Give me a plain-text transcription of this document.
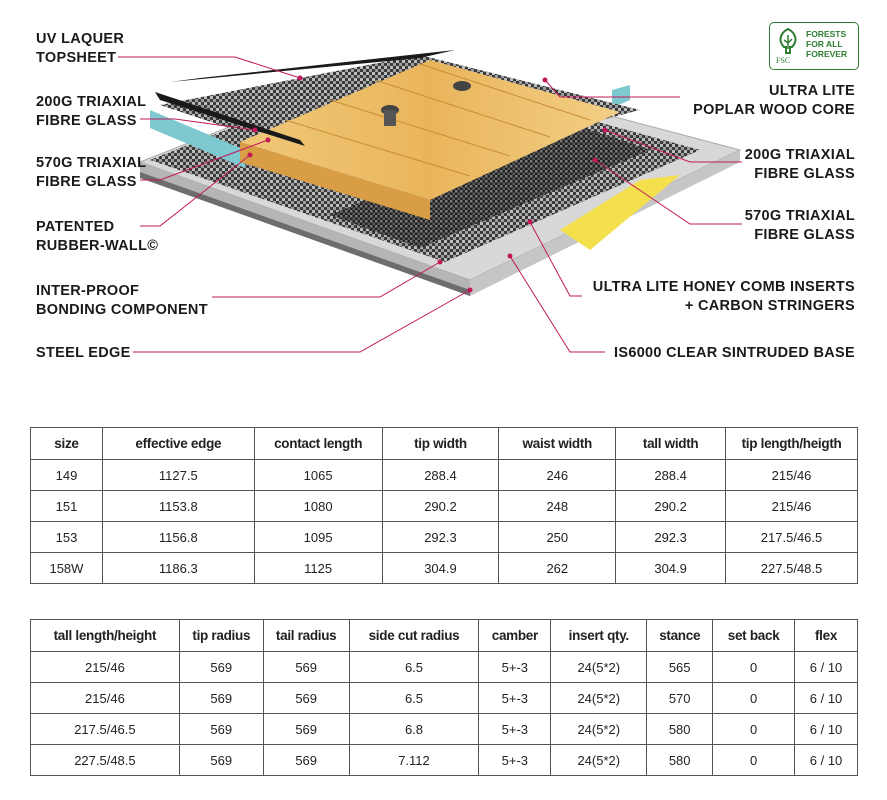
UV LAQUER
TOPSHEET
200G TRIAXIAL
FIBRE GLASS
570G TRIAXIAL
FIBRE GLASS
PATENTED
RUBBER-WALL©
INTER-PROOF
BONDING COMPONENT
STEEL EDGE
ULTRA LITE
POPLAR WOOD CORE
200G TRIAXIAL
FIBRE GLASS
570G TRIAXIAL
FIBRE GLASS
ULTRA LITE HONEY COMB INSERTS
+ CARBON STRINGERS
IS6000 CLEAR SINTRUDED BASE
FORESTS
FOR ALL
FOREVER
FSC
size	effective edge	contact length	tip width	waist width	tall width	tip length/heigth
149	1127.5	1065	288.4	246	288.4	215/46
151	1153.8	1080	290.2	248	290.2	215/46
153	1156.8	1095	292.3	250	292.3	217.5/46.5
158W	1186.3	1125	304.9	262	304.9	227.5/48.5
tall length/height	tip radius	tail radius	side cut radius	camber	insert qty.	stance	set back	flex
215/46	569	569	6.5	5+-3	24(5*2)	565	0	6 / 10
215/46	569	569	6.5	5+-3	24(5*2)	570	0	6 / 10
217.5/46.5	569	569	6.8	5+-3	24(5*2)	580	0	6 / 10
227.5/48.5	569	569	7.112	5+-3	24(5*2)	580	0	6 / 10
